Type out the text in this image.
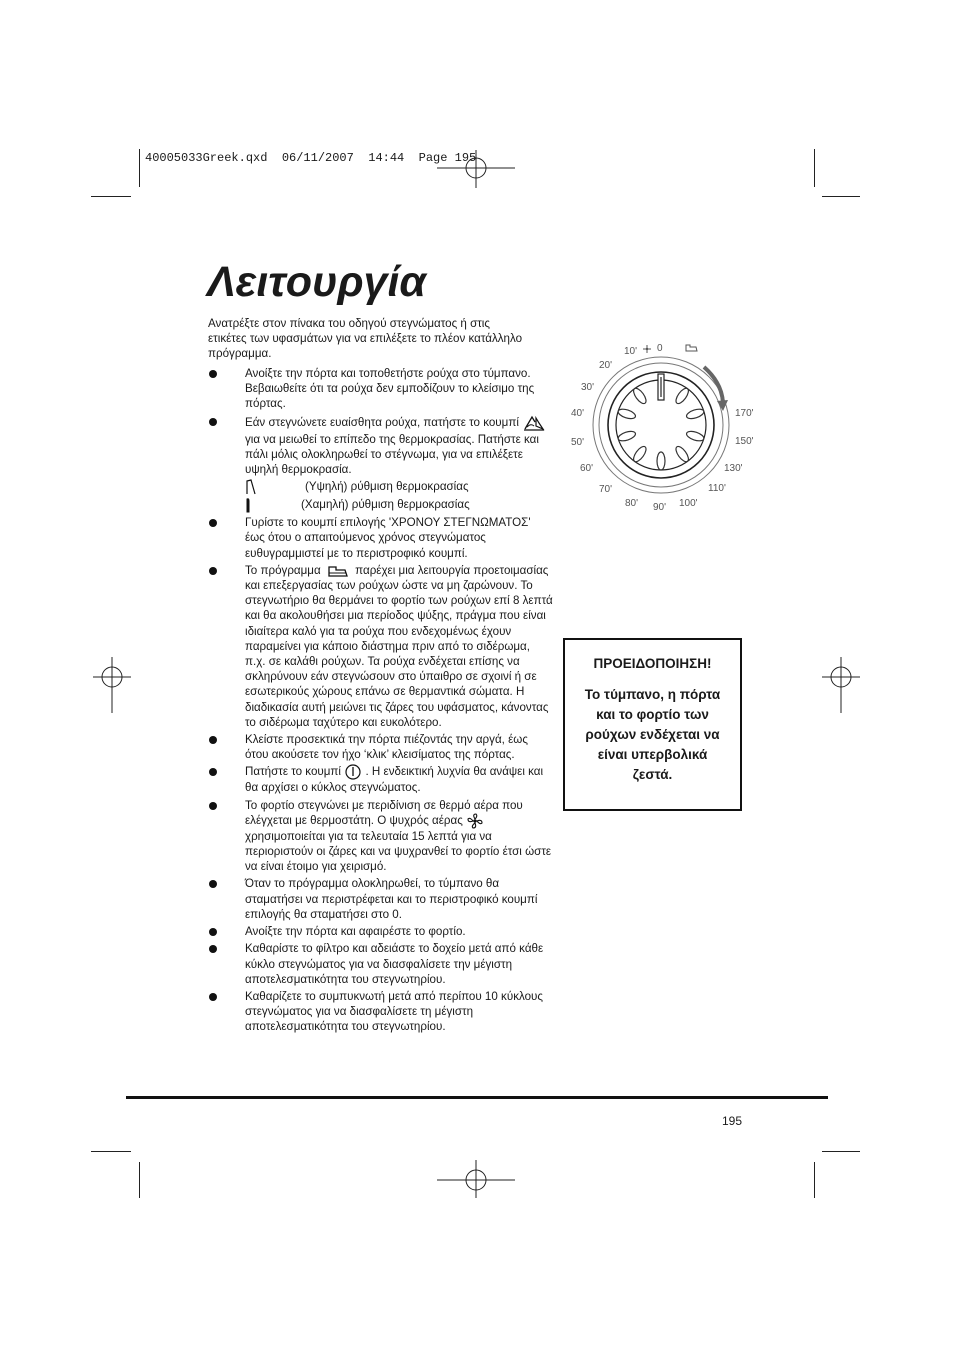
40005033Greek.qxd  06/11/2007  14:44  Page 195
Λειτουργία

Ανατρέξτε στον πίνακα του οδηγού στεγνώματος ή στις ετικέτες των υφασμάτων για να επιλέξετε το πλέον κατάλληλο πρόγραμμα.

Ανοίξτε την πόρτα και τοποθετήστε ρούχα στο τύμπανο. Βεβαιωθείτε ότι τα ρούχα δεν εμποδίζουν το κλείσιμο της πόρτας.
Εάν στεγνώνετε ευαίσθητα ρούχα, πατήστε το κουμπί  για να μειωθεί το επίπεδο της θερμοκρασίας. Πατήστε και πάλι μόλις ολοκληρωθεί το στέγνωμα, για να επιλέξετε υψηλή θερμοκρασία.
(Υψηλή) ρύθμιση θερμοκρασίας
(Χαμηλή) ρύθμιση θερμοκρασίας
Γυρίστε το κουμπί επιλογής 'ΧΡΟΝΟΥ ΣΤΕΓΝΩΜΑΤΟΣ' έως ότου ο απαιτούμενος χρόνος στεγνώματος ευθυγραμμιστεί με το περιστροφικό κουμπί.
Το πρόγραμμα	παρέχει μια λειτουργία προετοιμασίας και επεξεργασίας των ρούχων ώστε να μη ζαρώνουν. Το στεγνωτήριο θα θερμάνει το φορτίο των ρούχων επί 8 λεπτά και θα ακολουθήσει μια περίοδος ψύξης, πράγμα που είναι ιδιαίτερα καλό για τα ρούχα που ενδεχομένως έχουν παραμείνει για κάποιο διάστημα πριν από το σιδέρωμα, π.χ. σε καλάθι ρούχων. Τα ρούχα ενδέχεται επίσης να σκληρύνουν εάν στεγνώσουν στο ύπαιθρο σε σχοινί ή σε εσωτερικούς χώρους επάνω σε θερμαντικά σώματα. Η διαδικασία αυτή μειώνει τις ζάρες του υφάσματος, κάνοντας το σιδέρωμα ταχύτερο και ευκολότερο.
Κλείστε προσεκτικά την πόρτα πιέζοντάς την αργά, έως ότου ακούσετε τον ήχο ‘κλικ’ κλεισίματος της πόρτας.
Πατήστε το κουμπί . Η ενδεικτική λυχνία θα ανάψει και θα αρχίσει ο κύκλος στεγνώματος.
Το φορτίο στεγνώνει με περιδίνιση σε θερμό αέρα που ελέγχεται με θερμοστάτη. Ο ψυχρός αέρας  χρησιμοποιείται για τα τελευταία 15 λεπτά για να περιοριστούν οι ζάρες και να ψυχρανθεί το φορτίο έτσι ώστε να είναι έτοιμο για χειρισμό.
Όταν το πρόγραμμα ολοκληρωθεί, το τύμπανο θα σταματήσει να περιστρέφεται και το περιστροφικό κουμπί επιλογής θα σταματήσει στο 0.
Ανοίξτε την πόρτα και αφαιρέστε το φορτίο.
Καθαρίστε το φίλτρο και αδειάστε το δοχείο μετά από κάθε κύκλο στεγνώματος για να διασφαλίσετε την μέγιστη αποτελεσματικότητα του στεγνωτηρίου.
Καθαρίζετε το συμπυκνωτή μετά από περίπου 10 κύκλους στεγνώματος για να διασφαλίσετε τη μέγιστη αποτελεσματικότητα του στεγνωτηρίου.
10' 0
20'
30'
40'
50'
60'
70'
80' 90' 100'
110'
130'
150'
170'

ΠΡΟΕΙΔΟΠΟΙΗΣΗ!

Το τύμπανο, η πόρτα και το φορτίο των ρούχων ενδέχεται να είναι υπερβολικά ζεστά.

195
